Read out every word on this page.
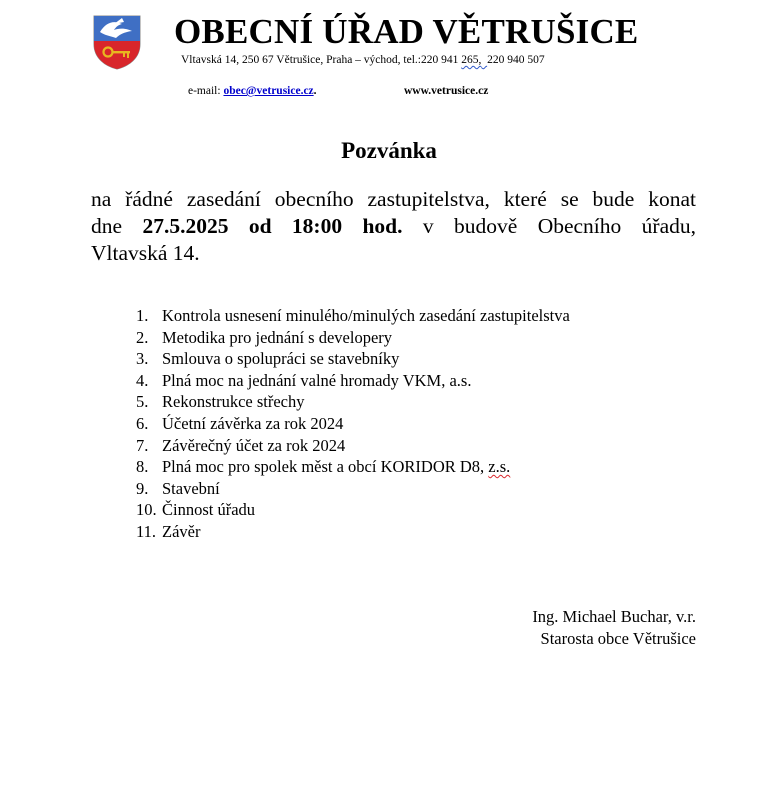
OBECNÍ ÚŘAD VĚTRUŠICE
Vltavská 14, 250 67 Větrušice, Praha – východ, tel.:220 941 265, 220 940 507
e-mail: obec@vetrusice.cz.	www.vetrusice.cz
Pozvánka
na řádné zasedání obecního zastupitelstva, které se bude konat
dne 27.5.2025 od 18:00 hod. v budově Obecního úřadu,
Vltavská 14.
1. Kontrola usnesení minulého/minulých zasedání zastupitelstva
2. Metodika pro jednání s developery
3. Smlouva o spolupráci se stavebníky
4. Plná moc na jednání valné hromady VKM, a.s.
5. Rekonstrukce střechy
6. Účetní závěrka za rok 2024
7. Závěrečný účet za rok 2024
8. Plná moc pro spolek měst a obcí KORIDOR D8, z.s.
9. Stavební
10. Činnost úřadu
11. Závěr
Ing. Michael Buchar, v.r.
Starosta obce Větrušice
